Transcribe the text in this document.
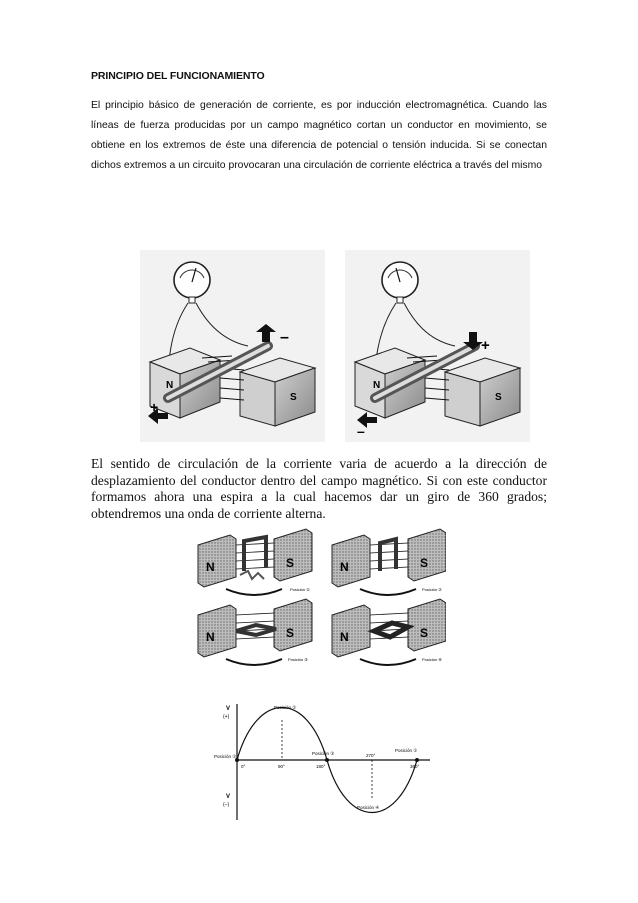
PRINCIPIO DEL FUNCIONAMIENTO
El principio básico de generación de corriente, es por inducción electromagnética. Cuando las líneas de fuerza producidas por un campo magnético cortan un conductor en movimiento, se obtiene en los extremos de éste una diferencia de potencial o tensión inducida. Si se conectan dichos extremos a un circuito provocaran una circulación de corriente eléctrica a través del mismo
N
S
–
+
N
S
+
–
El sentido de circulación de la corriente varia de acuerdo a la dirección de desplazamiento del conductor dentro del campo magnético. Si con este conductor formamos ahora una espira a la cual hacemos dar un giro de 360 grados; obtendremos una onda de corriente alterna.
N	S
Posición ①
N	S
Posición ②
N	S
Posición ③
N	S
Posición ④
V
(+)
V
(–)
0°	90°	180°
270°
360°
Posición ①
Posición ②
Posición ③
Posición ④
Posición ①
